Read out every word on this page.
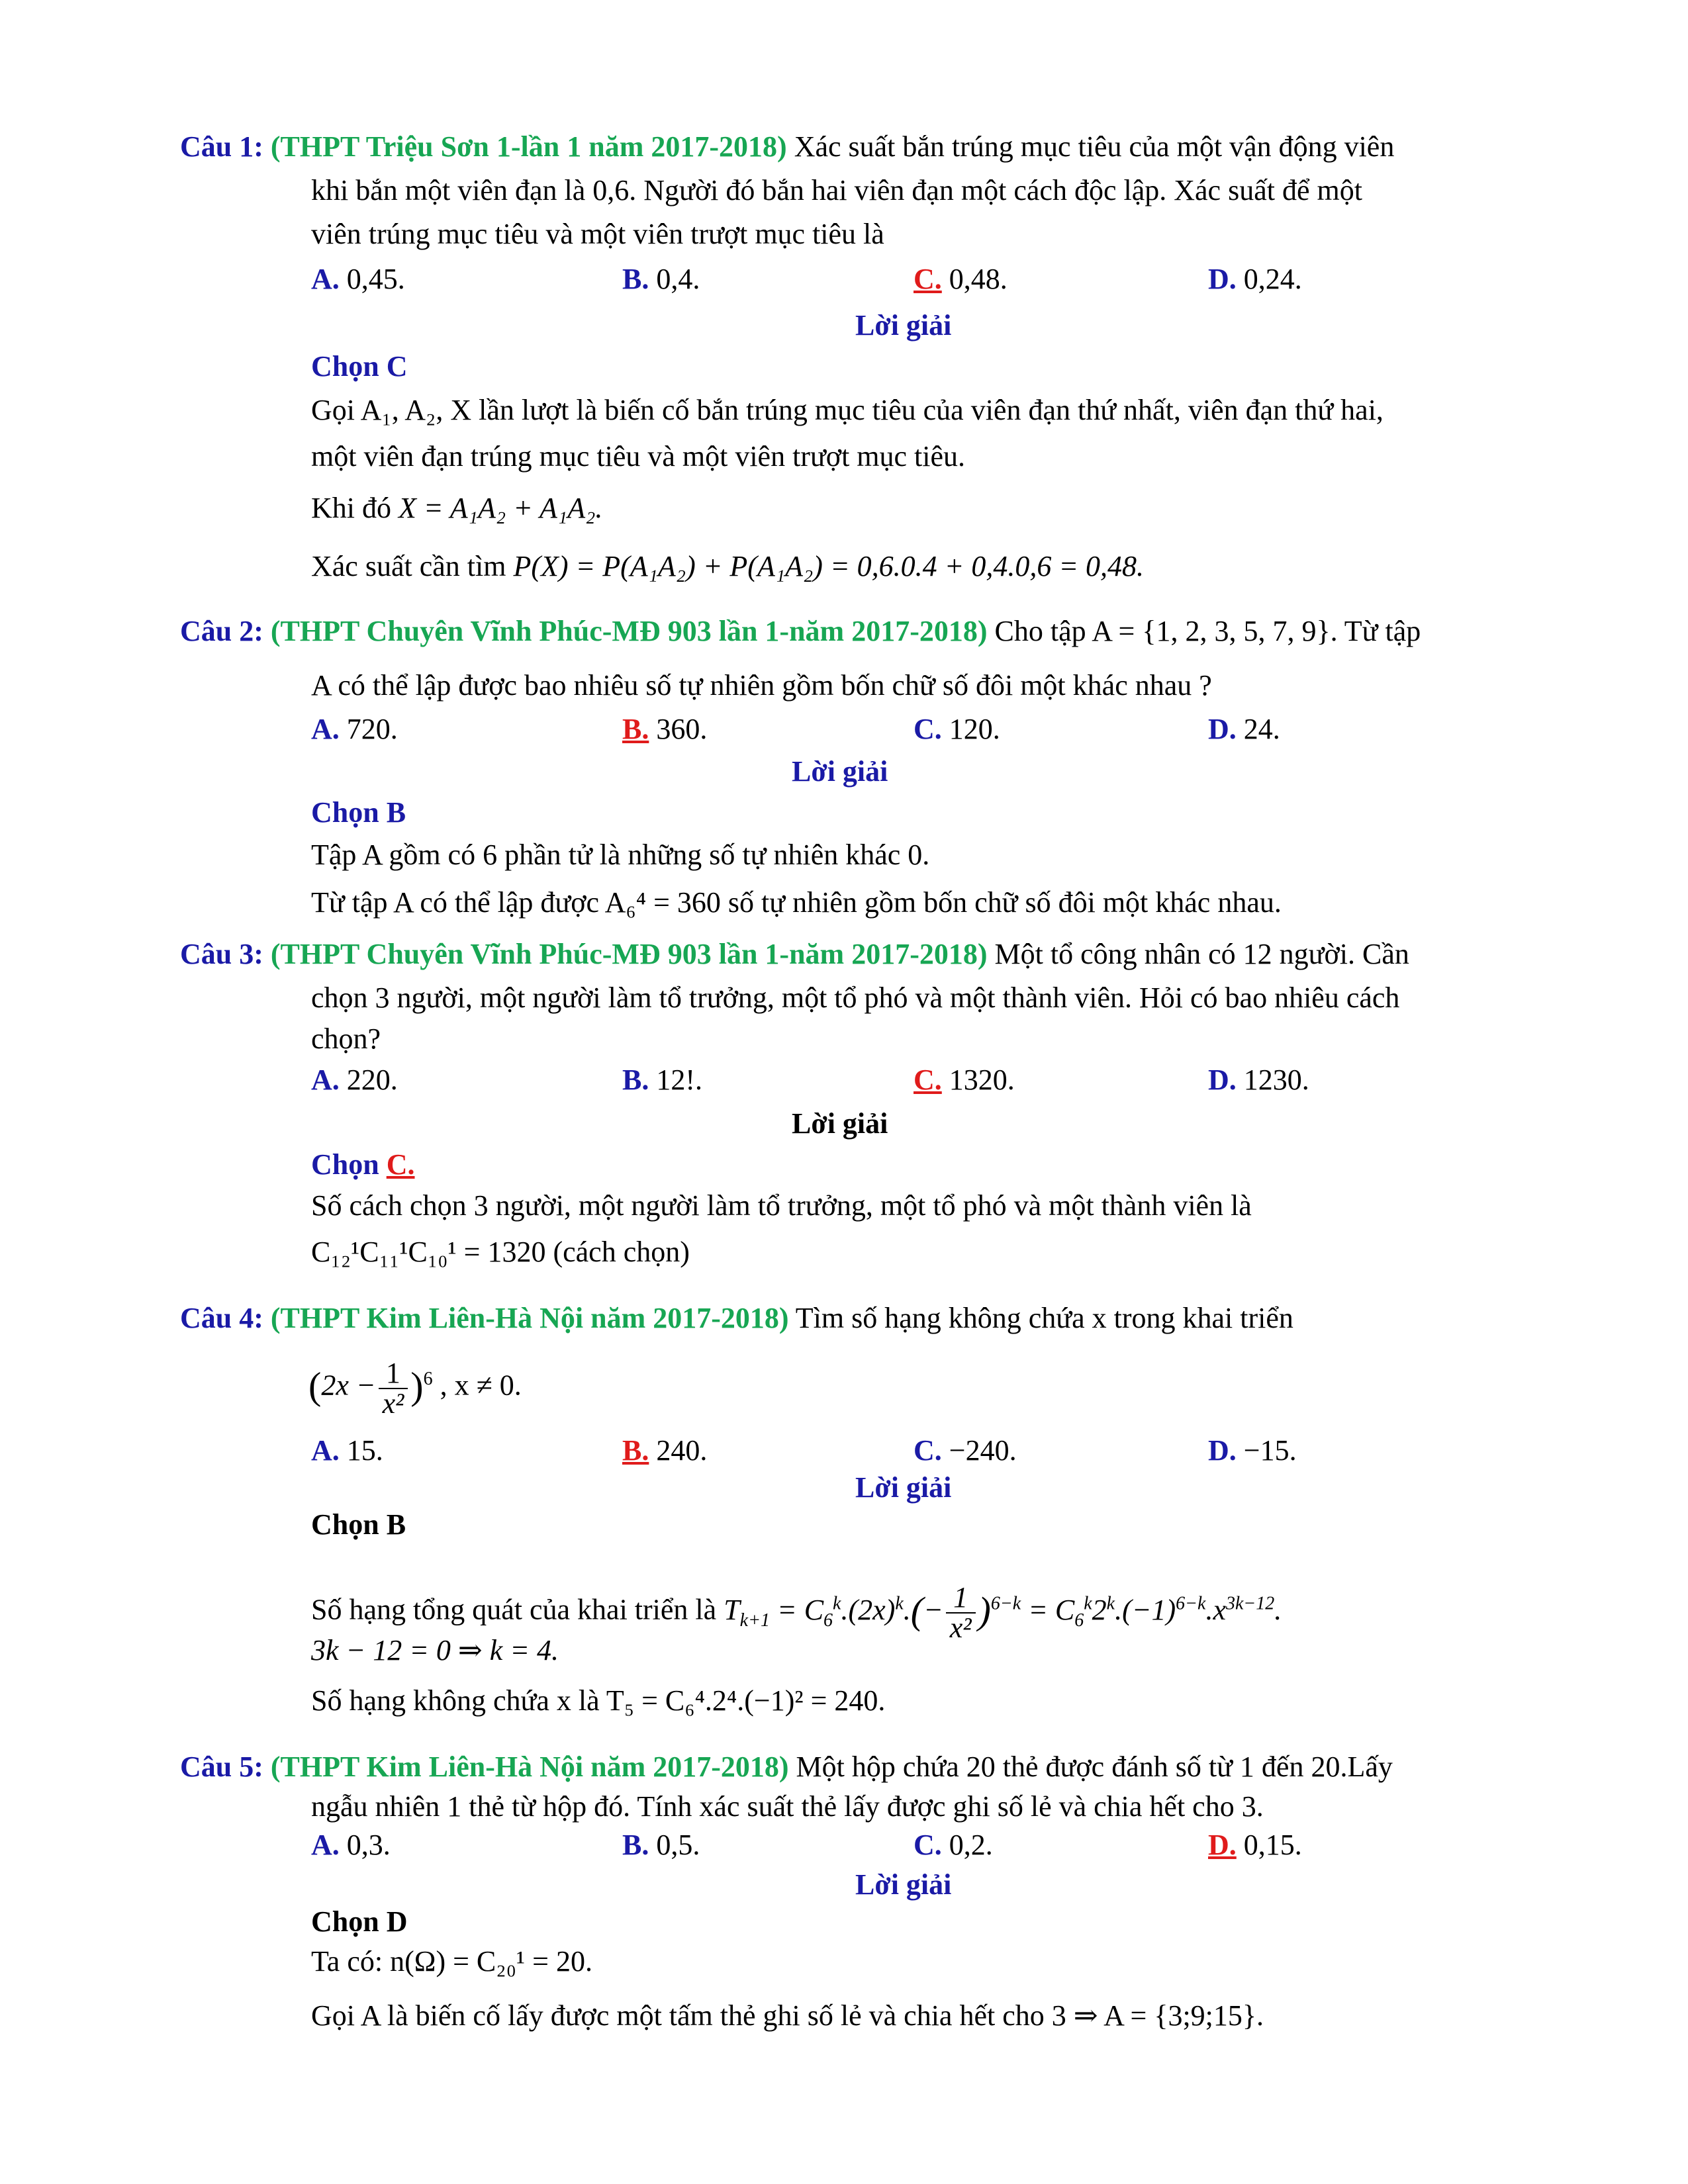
Câu 1: (THPT Triệu Sơn 1-lần 1 năm 2017-2018) Xác suất bắn trúng mục tiêu của một vận động viên
khi bắn một viên đạn là 0,6. Người đó bắn hai viên đạn một cách độc lập. Xác suất để một
viên trúng mục tiêu và một viên trượt mục tiêu là
A. 0,45.	B. 0,4.	C. 0,48.	D. 0,24.
Lời giải
Chọn C
Gọi A₁, A₂, X lần lượt là biến cố bắn trúng mục tiêu của viên đạn thứ nhất, viên đạn thứ hai,
một viên đạn trúng mục tiêu và một viên trượt mục tiêu.
Khi đó X = A₁A₂ + A₁A₂.
Xác suất cần tìm P(X) = P(A₁A₂) + P(A₁A₂) = 0,6.0.4 + 0,4.0,6 = 0,48.
Câu 2: (THPT Chuyên Vĩnh Phúc-MĐ 903 lần 1-năm 2017-2018) Cho tập A = {1, 2, 3, 5, 7, 9}. Từ tập
A có thể lập được bao nhiêu số tự nhiên gồm bốn chữ số đôi một khác nhau ?
A. 720.	B. 360.	C. 120.	D. 24.
Lời giải
Chọn B
Tập A gồm có 6 phần tử là những số tự nhiên khác 0.
Từ tập A có thể lập được A₆⁴ = 360 số tự nhiên gồm bốn chữ số đôi một khác nhau.
Câu 3: (THPT Chuyên Vĩnh Phúc-MĐ 903 lần 1-năm 2017-2018) Một tổ công nhân có 12 người. Cần
chọn 3 người, một người làm tổ trưởng, một tổ phó và một thành viên. Hỏi có bao nhiêu cách
chọn?
A. 220.	B. 12!.	C. 1320.	D. 1230.
Lời giải
Chọn C.
Số cách chọn 3 người, một người làm tổ trưởng, một tổ phó và một thành viên là
C₁₂¹C₁₁¹C₁₀¹ = 1320 (cách chọn)
Câu 4: (THPT Kim Liên-Hà Nội năm 2017-2018) Tìm số hạng không chứa x trong khai triển
$(2x - \frac{1}{\text{x²}} )^6$ , x ≠ 0.
A. 15.	B. 240.	C. −240.	D. −15.
Lời giải
Chọn B
Số hạng tổng quát của khai triển là $T_{k+1} = C_6^k.(2x)^k.(- \frac{1}{\text{x²}} )^{6-k} = C_6^k2^k.(-1)^{6-k}.x^{3k-12}$.
3k − 12 = 0 ⇒ k = 4.
Số hạng không chứa x là T₅ = C₆⁴.2⁴.(−1)² = 240.
Câu 5: (THPT Kim Liên-Hà Nội năm 2017-2018) Một hộp chứa 20 thẻ được đánh số từ 1 đến 20.Lấy
ngẫu nhiên 1 thẻ từ hộp đó. Tính xác suất thẻ lấy được ghi số lẻ và chia hết cho 3.
A. 0,3.	B. 0,5.	C. 0,2.	D. 0,15.
Lời giải
Chọn D
Ta có: n(Ω) = C₂₀¹ = 20.
Gọi A là biến cố lấy được một tấm thẻ ghi số lẻ và chia hết cho 3 ⇒ A = {3;9;15}.
